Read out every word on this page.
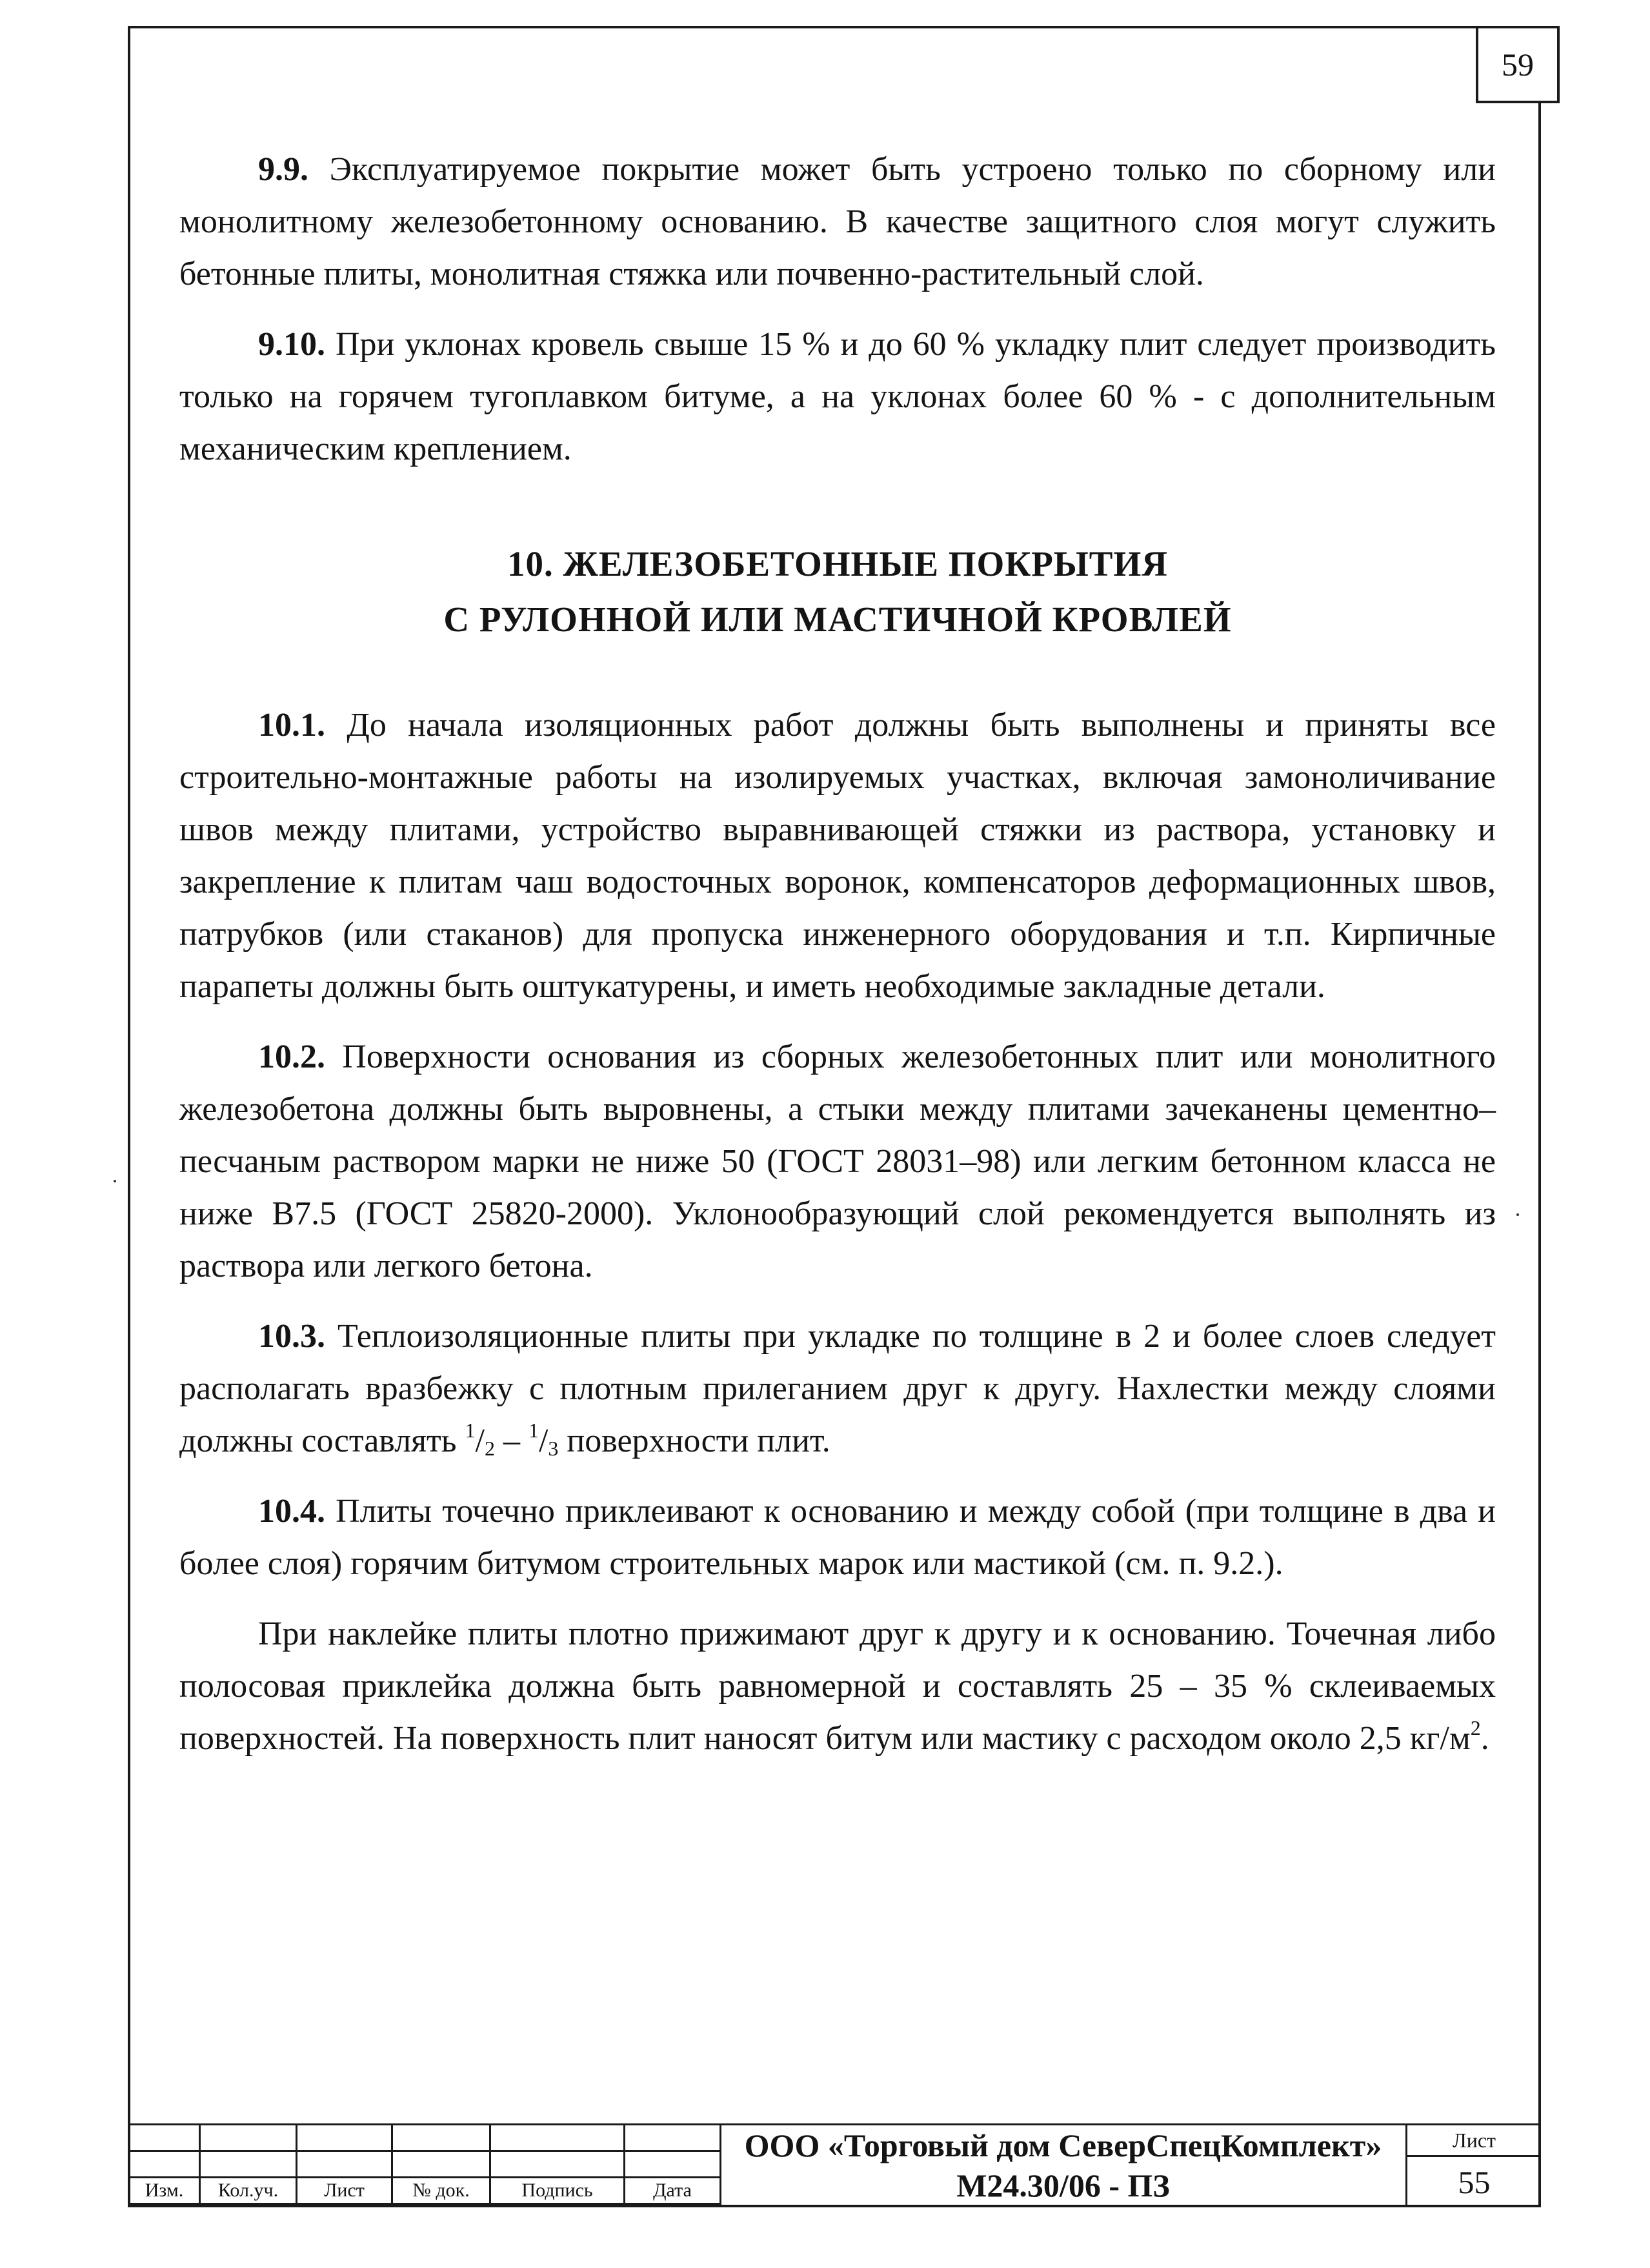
59

9.9. Эксплуатируемое покрытие может быть устроено только по сборному или монолитному железобетонному основанию. В качестве защитного слоя могут служить бетонные плиты, монолитная стяжка или почвенно-растительный слой.

9.10. При уклонах кровель свыше 15 % и до 60 % укладку плит следует производить только на горячем тугоплавком битуме, а на уклонах более 60 % - с дополнительным механическим креплением.

10. ЖЕЛЕЗОБЕТОННЫЕ ПОКРЫТИЯ
С РУЛОННОЙ ИЛИ МАСТИЧНОЙ КРОВЛЕЙ

10.1. До начала изоляционных работ должны быть выполнены и приняты все строительно-монтажные работы на изолируемых участках, включая замоноличивание швов между плитами, устройство выравнивающей стяжки из раствора, установку и закрепление к плитам чаш водосточных воронок, компенсаторов деформационных швов, патрубков (или стаканов) для пропуска инженерного оборудования и т.п. Кирпичные парапеты должны быть оштукатурены, и иметь необходимые закладные детали.

10.2. Поверхности основания из сборных железобетонных плит или монолитного железобетона должны быть выровнены, а стыки между плитами зачеканены цементно–песчаным раствором марки не ниже 50 (ГОСТ 28031–98) или легким бетонном класса не ниже В7.5 (ГОСТ 25820-2000). Уклонообразующий слой рекомендуется выполнять из раствора или легкого бетона.

10.3. Теплоизоляционные плиты при укладке по толщине в 2 и более слоев следует располагать вразбежку с плотным прилеганием друг к другу. Нахлестки между слоями должны составлять $^1/_2 - ^1/_3$ поверхности плит.

10.4. Плиты точечно приклеивают к основанию и между собой (при толщине в два и более слоя) горячим битумом строительных марок или мастикой (см. п. 9.2.).

При наклейке плиты плотно прижимают друг к другу и к основанию. Точечная либо полосовая приклейка должна быть равномерной и составлять 25 – 35 % склеиваемых поверхностей. На поверхность плит наносят битум или мастику с расходом около 2,5 $кг/м^2$.

Изм.	Кол.уч.	Лист	№ док.	Подпись	Дата
ООО «Торговый дом СеверСпецКомплект»
М24.30/06 - ПЗ
Лист
55
